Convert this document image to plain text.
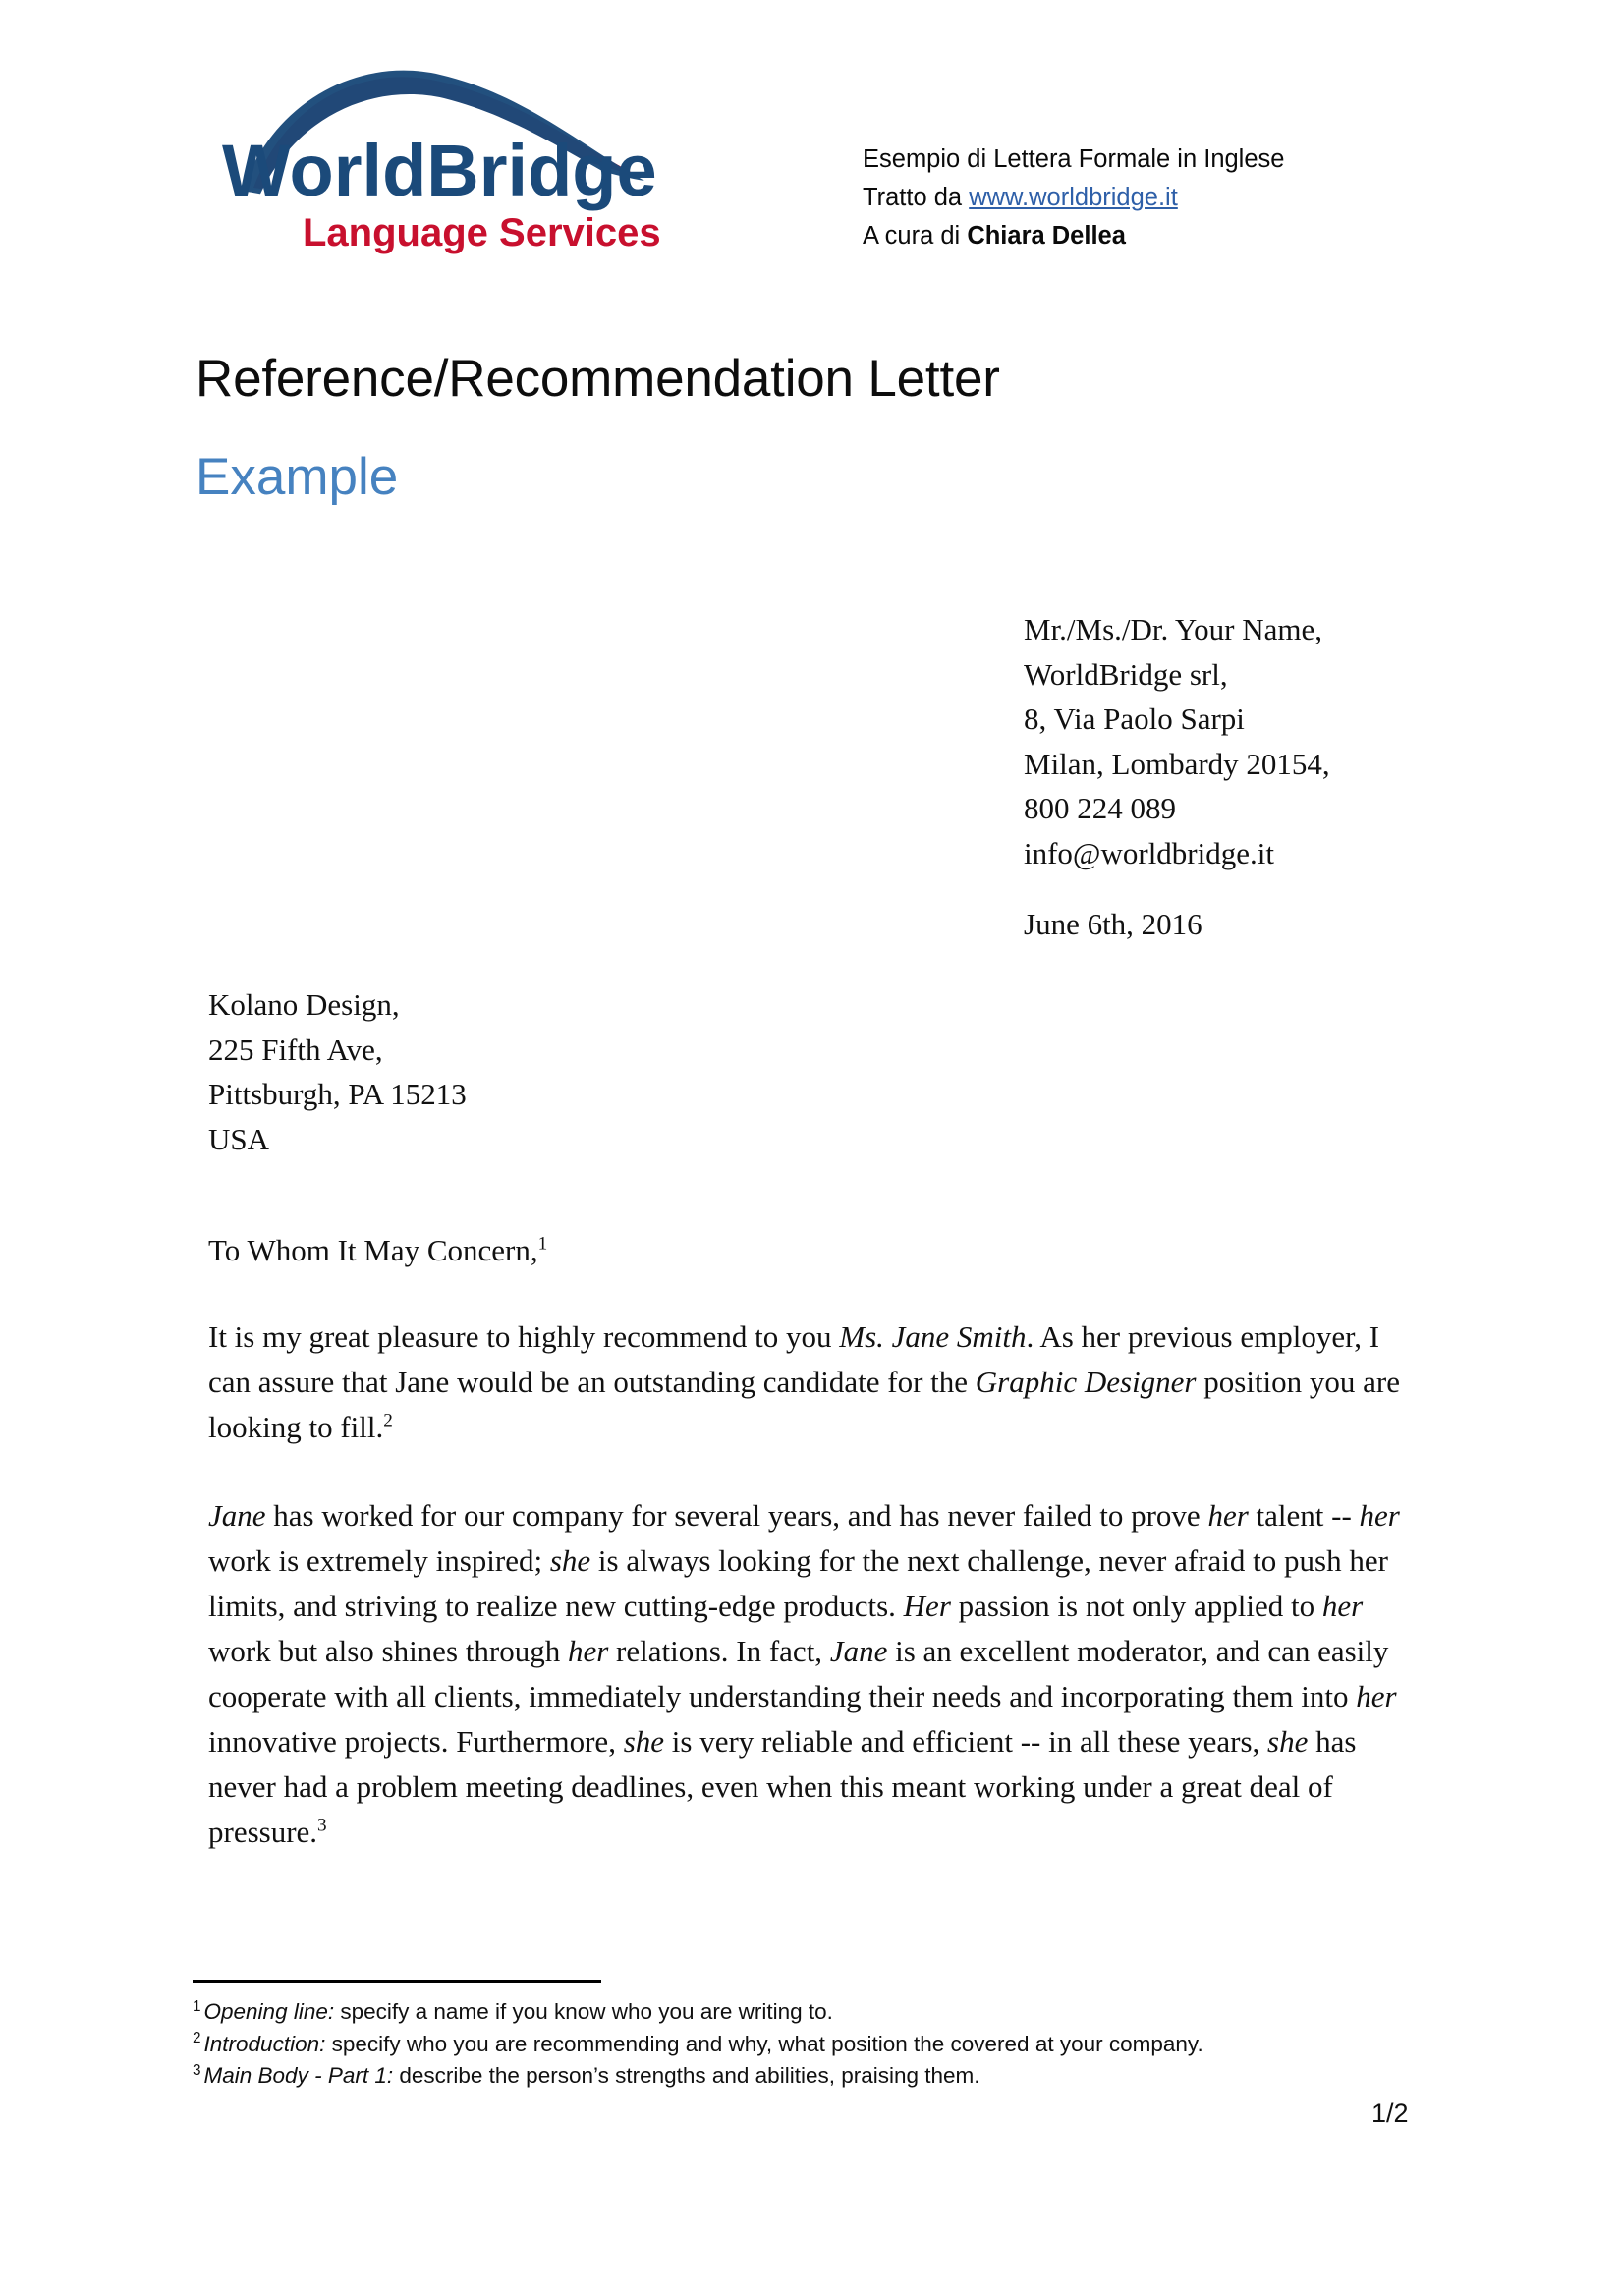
WorldBridge
Language Services
Esempio di Lettera Formale in Inglese
Tratto da www.worldbridge.it
A cura di Chiara Dellea
Reference/Recommendation Letter
Example
Mr./Ms./Dr. Your Name,
WorldBridge srl,
8, Via Paolo Sarpi
Milan, Lombardy 20154,
800 224 089
info@worldbridge.it
June 6th, 2016
Kolano Design,
225 Fifth Ave,
Pittsburgh, PA 15213
USA
To Whom It May Concern,$^1$

It is my great pleasure to highly recommend to you Ms. Jane Smith. As her previous employer, I can assure that Jane would be an outstanding candidate for the Graphic Designer position you are looking to fill.$^2$

Jane has worked for our company for several years, and has never failed to prove her talent -- her work is extremely inspired; she is always looking for the next challenge, never afraid to push her limits, and striving to realize new cutting-edge products. Her passion is not only applied to her work but also shines through her relations. In fact, Jane is an excellent moderator, and can easily cooperate with all clients, immediately understanding their needs and incorporating them into her innovative projects. Furthermore, she is very reliable and efficient -- in all these years, she has never had a problem meeting deadlines, even when this meant working under a great deal of pressure.$^3$

$^1$ Opening line: specify a name if you know who you are writing to.
$^2$ Introduction: specify who you are recommending and why, what position the covered at your company.
$^3$ Main Body - Part 1: describe the person’s strengths and abilities, praising them.
1/2
